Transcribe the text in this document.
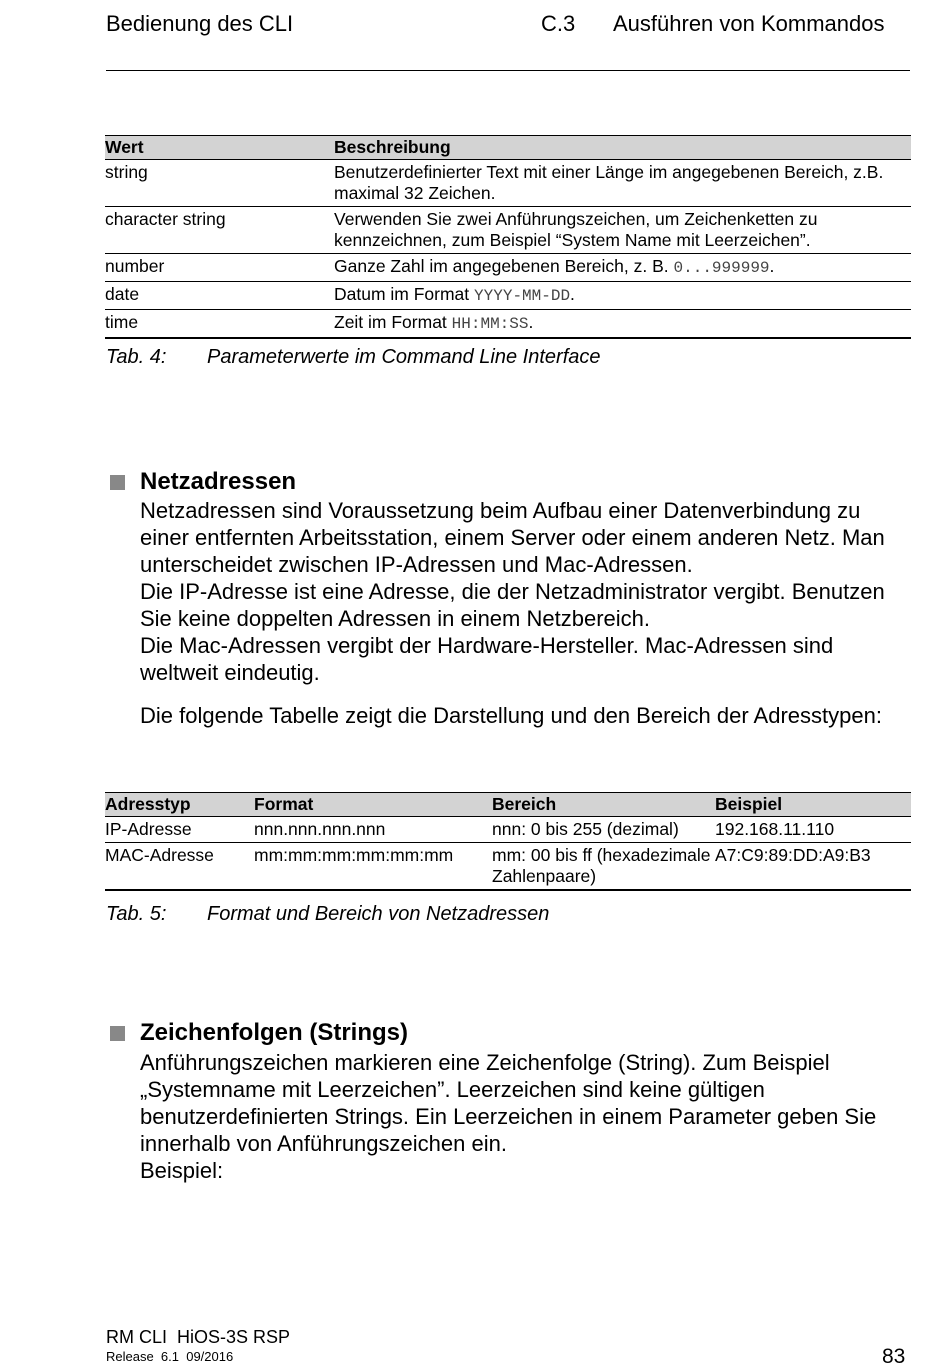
Bedienung des CLI	C.3 Ausführen von Kommandos
Wert	Beschreibung
string	Benutzerdefinierter Text mit einer Länge im angegebenen Bereich, z.B. maximal 32 Zeichen.
character string	Verwenden Sie zwei Anführungszeichen, um Zeichenketten zu kennzeichnen, zum Beispiel “System Name mit Leerzeichen”.
number	Ganze Zahl im angegebenen Bereich, z. B. 0...999999.
date	Datum im Format YYYY-MM-DD.
time	Zeit im Format HH:MM:SS.
Tab. 4: Parameterwerte im Command Line Interface
Netzadressen

Netzadressen sind Voraussetzung beim Aufbau einer Datenverbindung zu einer entfernten Arbeitsstation, einem Server oder einem anderen Netz. Man unterscheidet zwischen IP-Adressen und Mac-Adressen.

Die IP-Adresse ist eine Adresse, die der Netzadministrator vergibt. Benutzen Sie keine doppelten Adressen in einem Netzbereich.

Die Mac-Adressen vergibt der Hardware-Hersteller. Mac-Adressen sind weltweit eindeutig.

Die folgende Tabelle zeigt die Darstellung und den Bereich der Adresstypen:

Adresstyp	Format	Bereich	Beispiel
IP-Adresse	nnn.nnn.nnn.nnn	nnn: 0 bis 255 (dezimal)	192.168.11.110
MAC-Adresse	mm:mm:mm:mm:mm:mm	mm: 00 bis ff (hexadezimale Zahlenpaare)	A7:C9:89:DD:A9:B3
Tab. 5: Format und Bereich von Netzadressen
Zeichenfolgen (Strings)

Anführungszeichen markieren eine Zeichenfolge (String). Zum Beispiel „Systemname mit Leerzeichen”. Leerzeichen sind keine gültigen benutzerdefinierten Strings. Ein Leerzeichen in einem Parameter geben Sie innerhalb von Anführungszeichen ein.

Beispiel:

RM CLI  HiOS-3S RSP
Release  6.1  09/2016	83
